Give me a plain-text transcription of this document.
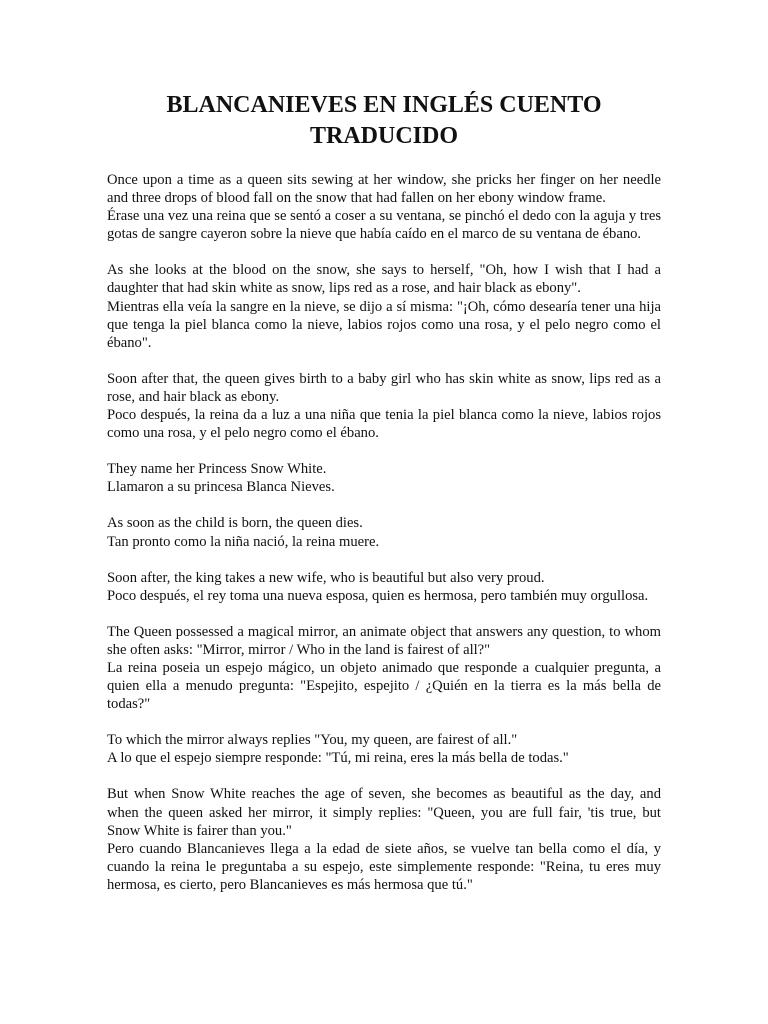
BLANCANIEVES EN INGLÉS CUENTO
TRADUCIDO
Once upon a time as a queen sits sewing at her window, she pricks her finger on her needle and three drops of blood fall on the snow that had fallen on her ebony window frame.
Érase una vez una reina que se sentó a coser a su ventana, se pinchó el dedo con la aguja y tres gotas de sangre cayeron sobre la nieve que había caído en el marco de su ventana de ébano.
As she looks at the blood on the snow, she says to herself, "Oh, how I wish that I had a daughter that had skin white as snow, lips red as a rose, and hair black as ebony".
Mientras ella veía la sangre en la nieve, se dijo a sí misma: "¡Oh, cómo desearía tener una hija que tenga la piel blanca como la nieve, labios rojos como una rosa, y el pelo negro como el ébano".
Soon after that, the queen gives birth to a baby girl who has skin white as snow, lips red as a rose, and hair black as ebony.
Poco después, la reina da a luz a una niña que tenia la piel blanca como la nieve, labios rojos como una rosa, y el pelo negro como el ébano.
They name her Princess Snow White.
Llamaron a su princesa Blanca Nieves.
As soon as the child is born, the queen dies.
Tan pronto como la niña nació, la reina muere.
Soon after, the king takes a new wife, who is beautiful but also very proud.
Poco después, el rey toma una nueva esposa, quien es hermosa, pero también muy orgullosa.
The Queen possessed a magical mirror, an animate object that answers any question, to whom she often asks: "Mirror, mirror / Who in the land is fairest of all?"
La reina poseia un espejo mágico, un objeto animado que responde a cualquier pregunta, a quien ella a menudo pregunta: "Espejito, espejito / ¿Quién en la tierra es la más bella de todas?"
To which the mirror always replies "You, my queen, are fairest of all."
A lo que el espejo siempre responde: "Tú, mi reina, eres la más bella de todas."
But when Snow White reaches the age of seven, she becomes as beautiful as the day, and when the queen asked her mirror, it simply replies: "Queen, you are full fair, 'tis true, but Snow White is fairer than you."
Pero cuando Blancanieves llega a la edad de siete años, se vuelve tan bella como el día, y cuando la reina le preguntaba a su espejo, este simplemente responde: "Reina, tu eres muy hermosa, es cierto, pero Blancanieves es más hermosa que tú."
